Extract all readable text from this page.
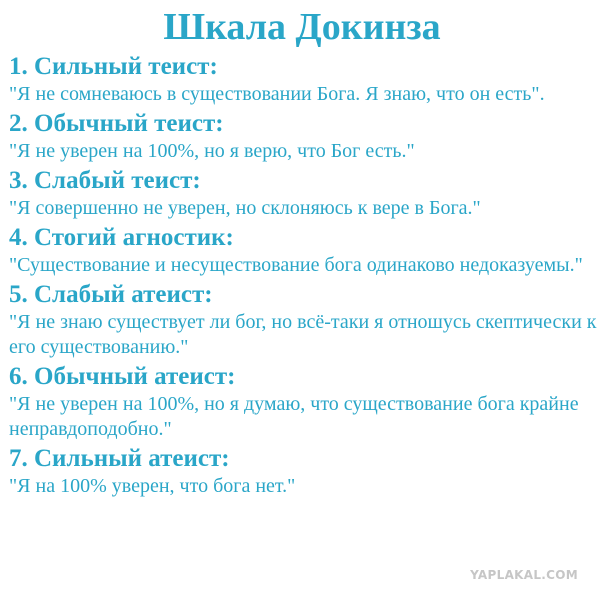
Шкала Докинза
1. Сильный теист:
"Я не сомневаюсь в существовании Бога. Я знаю, что он есть".
2. Обычный теист:
"Я не уверен на 100%, но я верю, что Бог есть."
3. Слабый теист:
"Я совершенно не уверен, но склоняюсь к вере в Бога."
4. Стогий агностик:
"Существование и несуществование бога одинаково недоказуемы."
5. Слабый атеист:
"Я не знаю существует ли бог, но всё-таки я отношусь скептически к его существованию."
6. Обычный атеист:
"Я не уверен на 100%, но я думаю, что существование бога крайне неправдоподобно."
7. Сильный атеист:
"Я на 100% уверен, что бога нет."
YAPLAKAL.COM
